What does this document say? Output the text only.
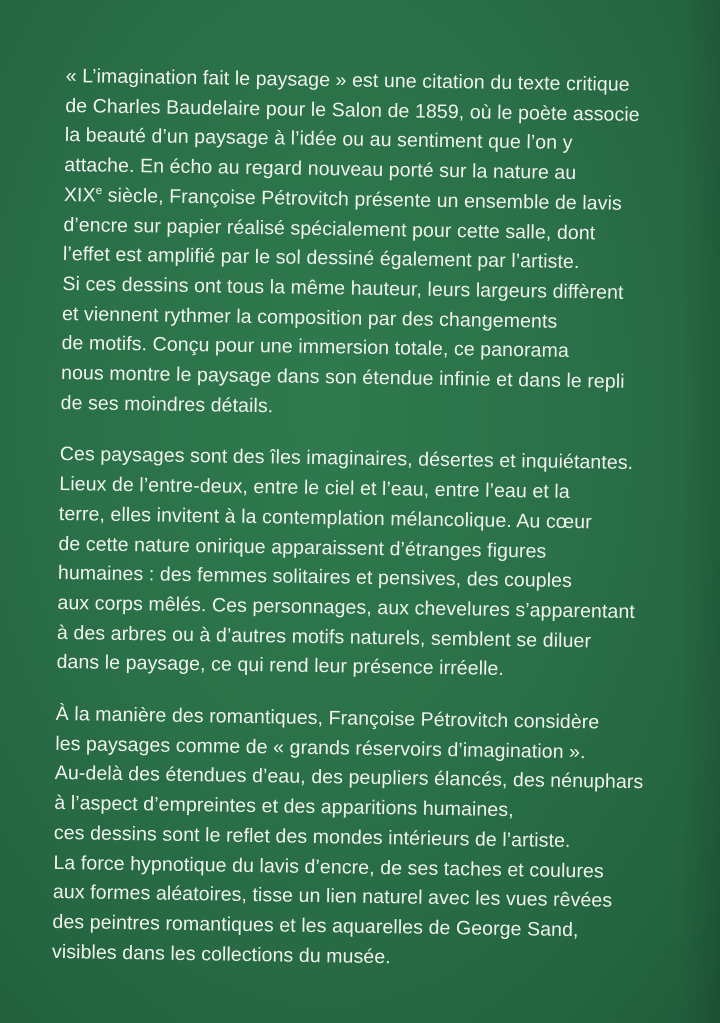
« L’imagination fait le paysage » est une citation du texte critique
de Charles Baudelaire pour le Salon de 1859, où le poète associe
la beauté d’un paysage à l’idée ou au sentiment que l’on y
attache. En écho au regard nouveau porté sur la nature au
XIXe siècle, Françoise Pétrovitch présente un ensemble de lavis
d’encre sur papier réalisé spécialement pour cette salle, dont
l’effet est amplifié par le sol dessiné également par l’artiste.
Si ces dessins ont tous la même hauteur, leurs largeurs diffèrent
et viennent rythmer la composition par des changements
de motifs. Conçu pour une immersion totale, ce panorama
nous montre le paysage dans son étendue infinie et dans le repli
de ses moindres détails.

Ces paysages sont des îles imaginaires, désertes et inquiétantes.
Lieux de l’entre-deux, entre le ciel et l’eau, entre l’eau et la
terre, elles invitent à la contemplation mélancolique. Au cœur
de cette nature onirique apparaissent d’étranges figures
humaines : des femmes solitaires et pensives, des couples
aux corps mêlés. Ces personnages, aux chevelures s’apparentant
à des arbres ou à d’autres motifs naturels, semblent se diluer
dans le paysage, ce qui rend leur présence irréelle.

À la manière des romantiques, Françoise Pétrovitch considère
les paysages comme de « grands réservoirs d’imagination ».
Au-delà des étendues d’eau, des peupliers élancés, des nénuphars
à l’aspect d’empreintes et des apparitions humaines,
ces dessins sont le reflet des mondes intérieurs de l’artiste.
La force hypnotique du lavis d’encre, de ses taches et coulures
aux formes aléatoires, tisse un lien naturel avec les vues rêvées
des peintres romantiques et les aquarelles de George Sand,
visibles dans les collections du musée.
